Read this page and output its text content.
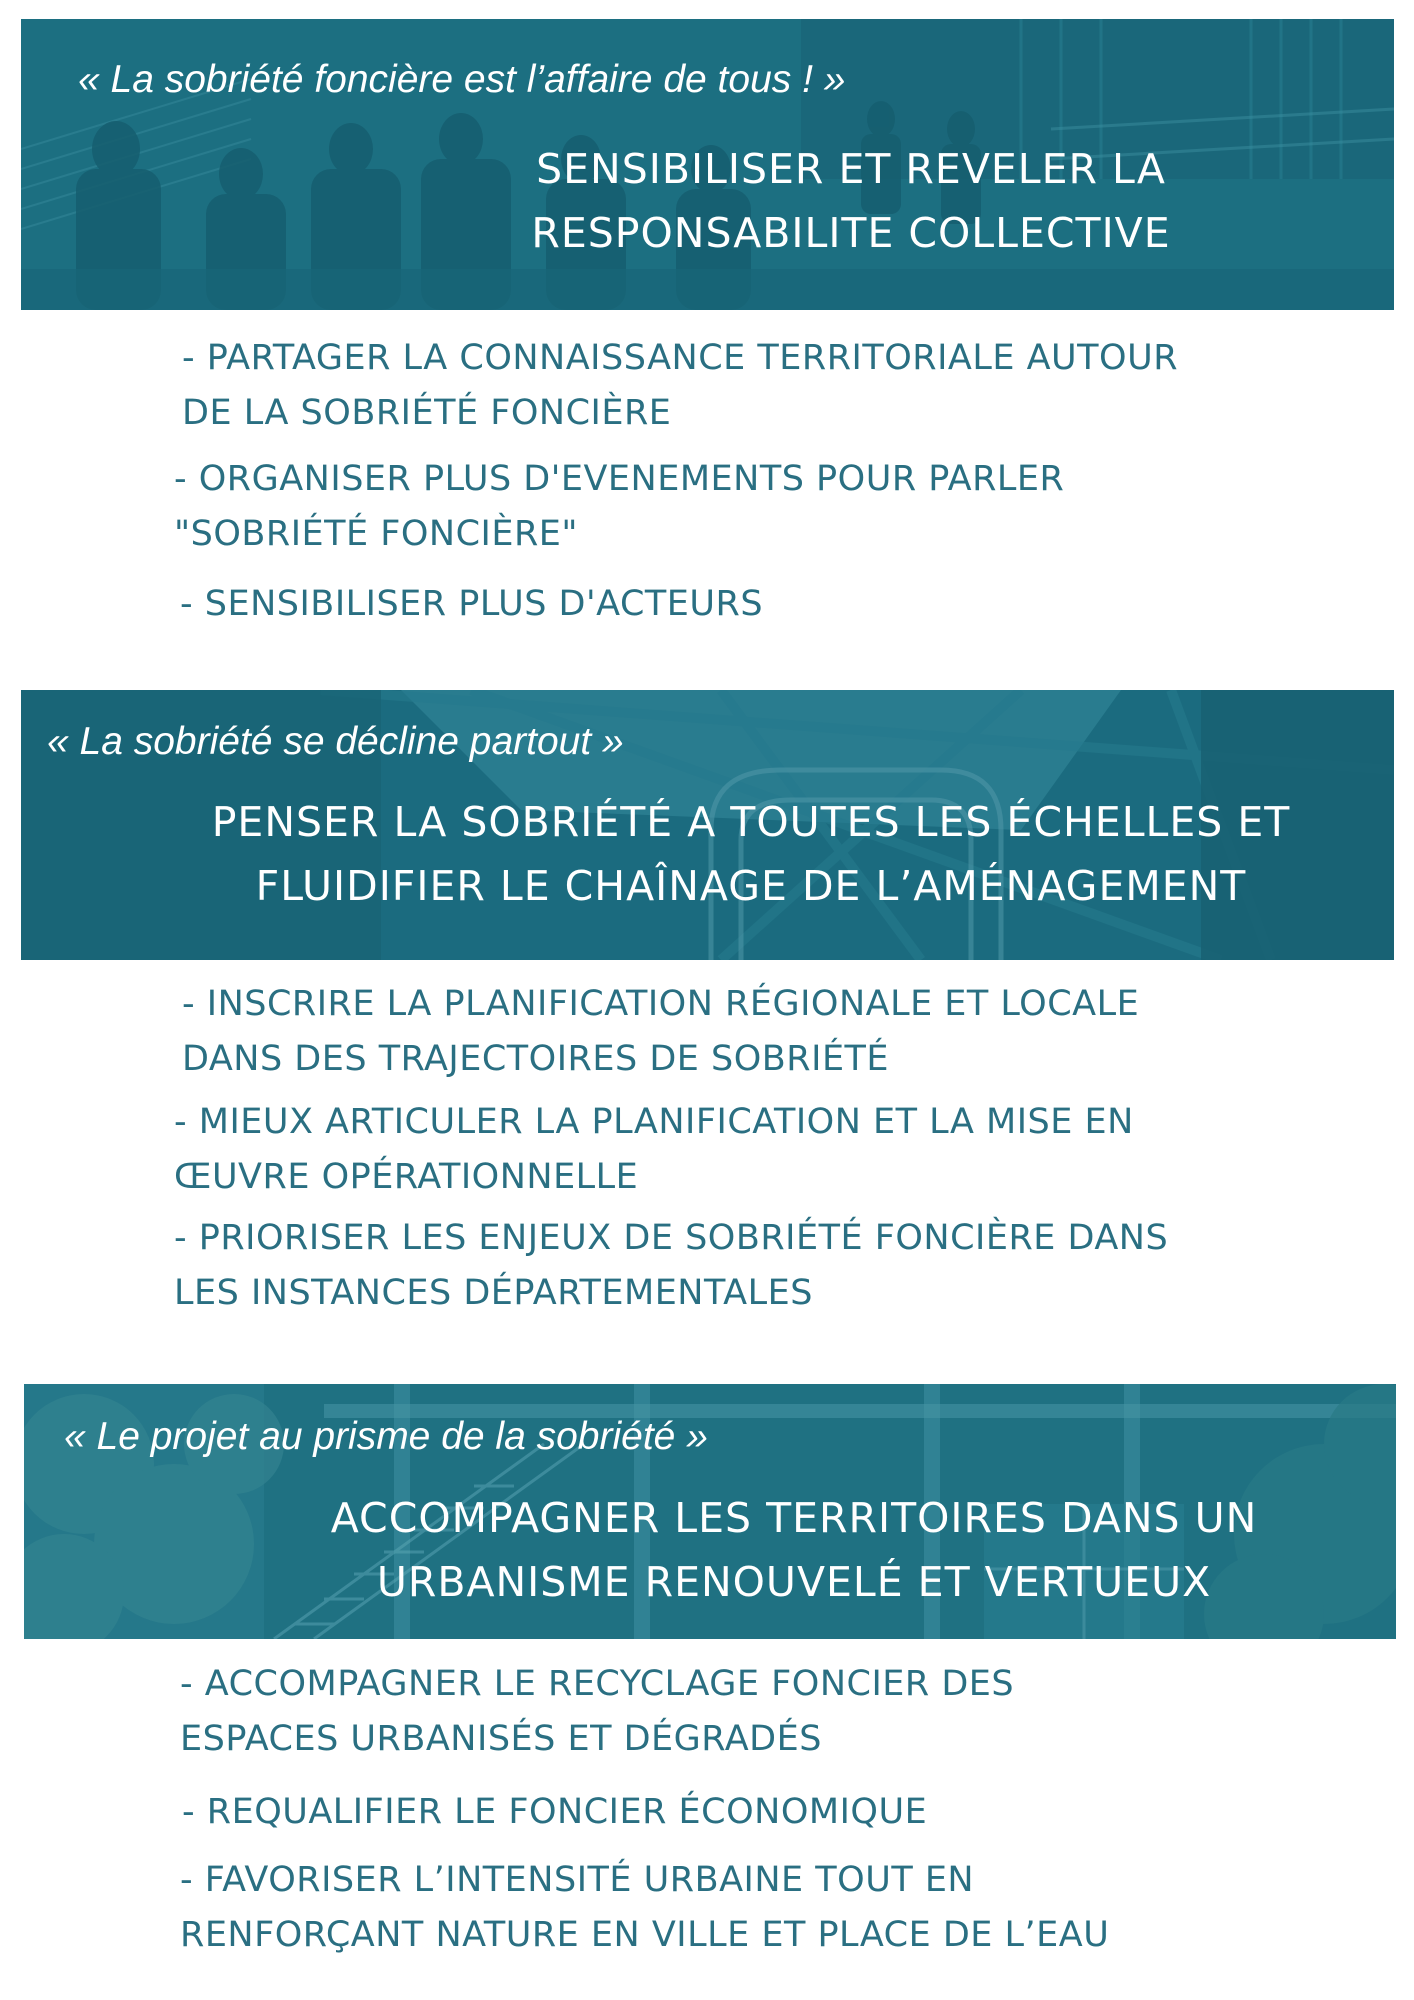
« La sobriété foncière est l’affaire de tous ! »
SENSIBILISER ET REVELER LA
RESPONSABILITE COLLECTIVE

- PARTAGER LA CONNAISSANCE TERRITORIALE AUTOUR
DE LA SOBRIÉTÉ FONCIÈRE

- ORGANISER PLUS D'EVENEMENTS POUR PARLER
"SOBRIÉTÉ FONCIÈRE"

- SENSIBILISER PLUS D'ACTEURS

« La sobriété se décline partout »
PENSER LA SOBRIÉTÉ A TOUTES LES ÉCHELLES ET
FLUIDIFIER LE CHAÎNAGE DE L’AMÉNAGEMENT

- INSCRIRE LA PLANIFICATION RÉGIONALE ET LOCALE
DANS DES TRAJECTOIRES DE SOBRIÉTÉ

- MIEUX ARTICULER LA PLANIFICATION ET LA MISE EN
ŒUVRE OPÉRATIONNELLE

- PRIORISER LES ENJEUX DE SOBRIÉTÉ FONCIÈRE DANS
LES INSTANCES DÉPARTEMENTALES

« Le projet au prisme de la sobriété »
ACCOMPAGNER LES TERRITOIRES DANS UN
URBANISME RENOUVELÉ ET VERTUEUX

- ACCOMPAGNER LE RECYCLAGE FONCIER DES
ESPACES URBANISÉS ET DÉGRADÉS

- REQUALIFIER LE FONCIER ÉCONOMIQUE

- FAVORISER L’INTENSITÉ URBAINE TOUT EN
RENFORÇANT NATURE EN VILLE ET PLACE DE L’EAU
